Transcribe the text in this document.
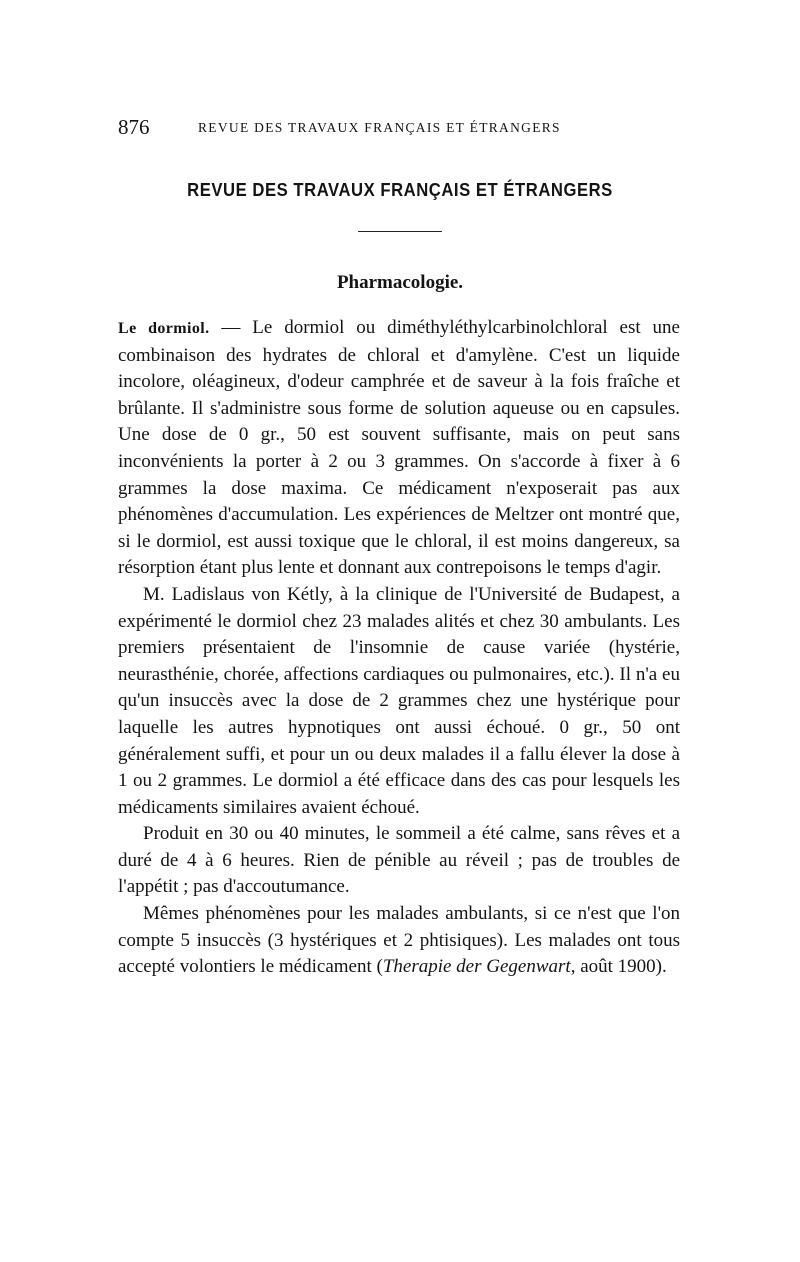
876	REVUE DES TRAVAUX FRANÇAIS ET ÉTRANGERS
REVUE DES TRAVAUX FRANÇAIS ET ÉTRANGERS
Pharmacologie.

Le dormiol. — Le dormiol ou diméthyléthylcarbinolchloral est une combinaison des hydrates de chloral et d'amylène. C'est un liquide incolore, oléagineux, d'odeur camphrée et de saveur à la fois fraîche et brûlante. Il s'administre sous forme de solution aqueuse ou en capsules. Une dose de 0 gr., 50 est souvent suffisante, mais on peut sans inconvénients la porter à 2 ou 3 grammes. On s'accorde à fixer à 6 grammes la dose maxima. Ce médicament n'exposerait pas aux phénomènes d'accumulation. Les expériences de Meltzer ont montré que, si le dormiol, est aussi toxique que le chloral, il est moins dangereux, sa résorption étant plus lente et donnant aux contrepoisons le temps d'agir.

M. Ladislaus von Kétly, à la clinique de l'Université de Budapest, a expérimenté le dormiol chez 23 malades alités et chez 30 ambulants. Les premiers présentaient de l'insomnie de cause variée (hystérie, neurasthénie, chorée, affections cardiaques ou pulmonaires, etc.). Il n'a eu qu'un insuccès avec la dose de 2 grammes chez une hystérique pour laquelle les autres hypnotiques ont aussi échoué. 0 gr., 50 ont généralement suffi, et pour un ou deux malades il a fallu élever la dose à 1 ou 2 grammes. Le dormiol a été efficace dans des cas pour lesquels les médicaments similaires avaient échoué.

Produit en 30 ou 40 minutes, le sommeil a été calme, sans rêves et a duré de 4 à 6 heures. Rien de pénible au réveil ; pas de troubles de l'appétit ; pas d'accoutumance.

Mêmes phénomènes pour les malades ambulants, si ce n'est que l'on compte 5 insuccès (3 hystériques et 2 phtisiques). Les malades ont tous accepté volontiers le médicament (Therapie der Gegenwart, août 1900).
